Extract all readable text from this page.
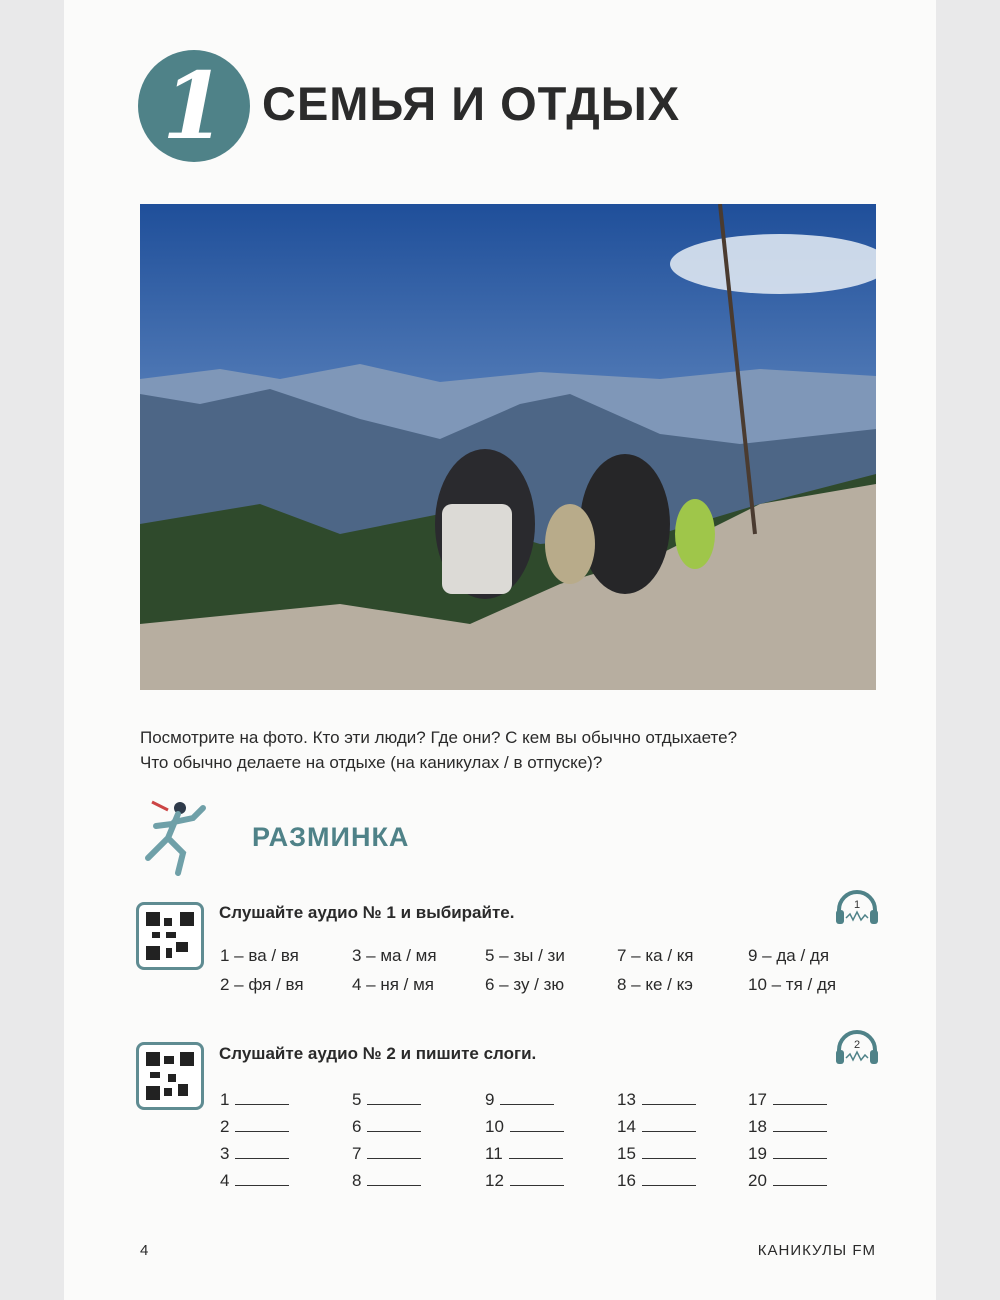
1 СЕМЬЯ И ОТДЫХ
Посмотрите на фото. Кто эти люди? Где они? С кем вы обычно отдыхаете?
Что обычно делаете на отдыхе (на каникулах / в отпуске)?
РАЗМИНКА
Слушайте аудио № 1 и выбирайте.	1
1 – ва / вя	3 – ма / мя	5 – зы / зи	7 – ка / кя	9 – да / дя
2 – фя / вя	4 – ня / мя	6 – зу / зю	8 – ке / кэ	10 – тя / дя
Слушайте аудио № 2 и пишите слоги.	2
1	5	9	13	17
2	6	10	14	18
3	7	11	15	19
4	8	12	16	20
4	КАНИКУЛЫ FM
